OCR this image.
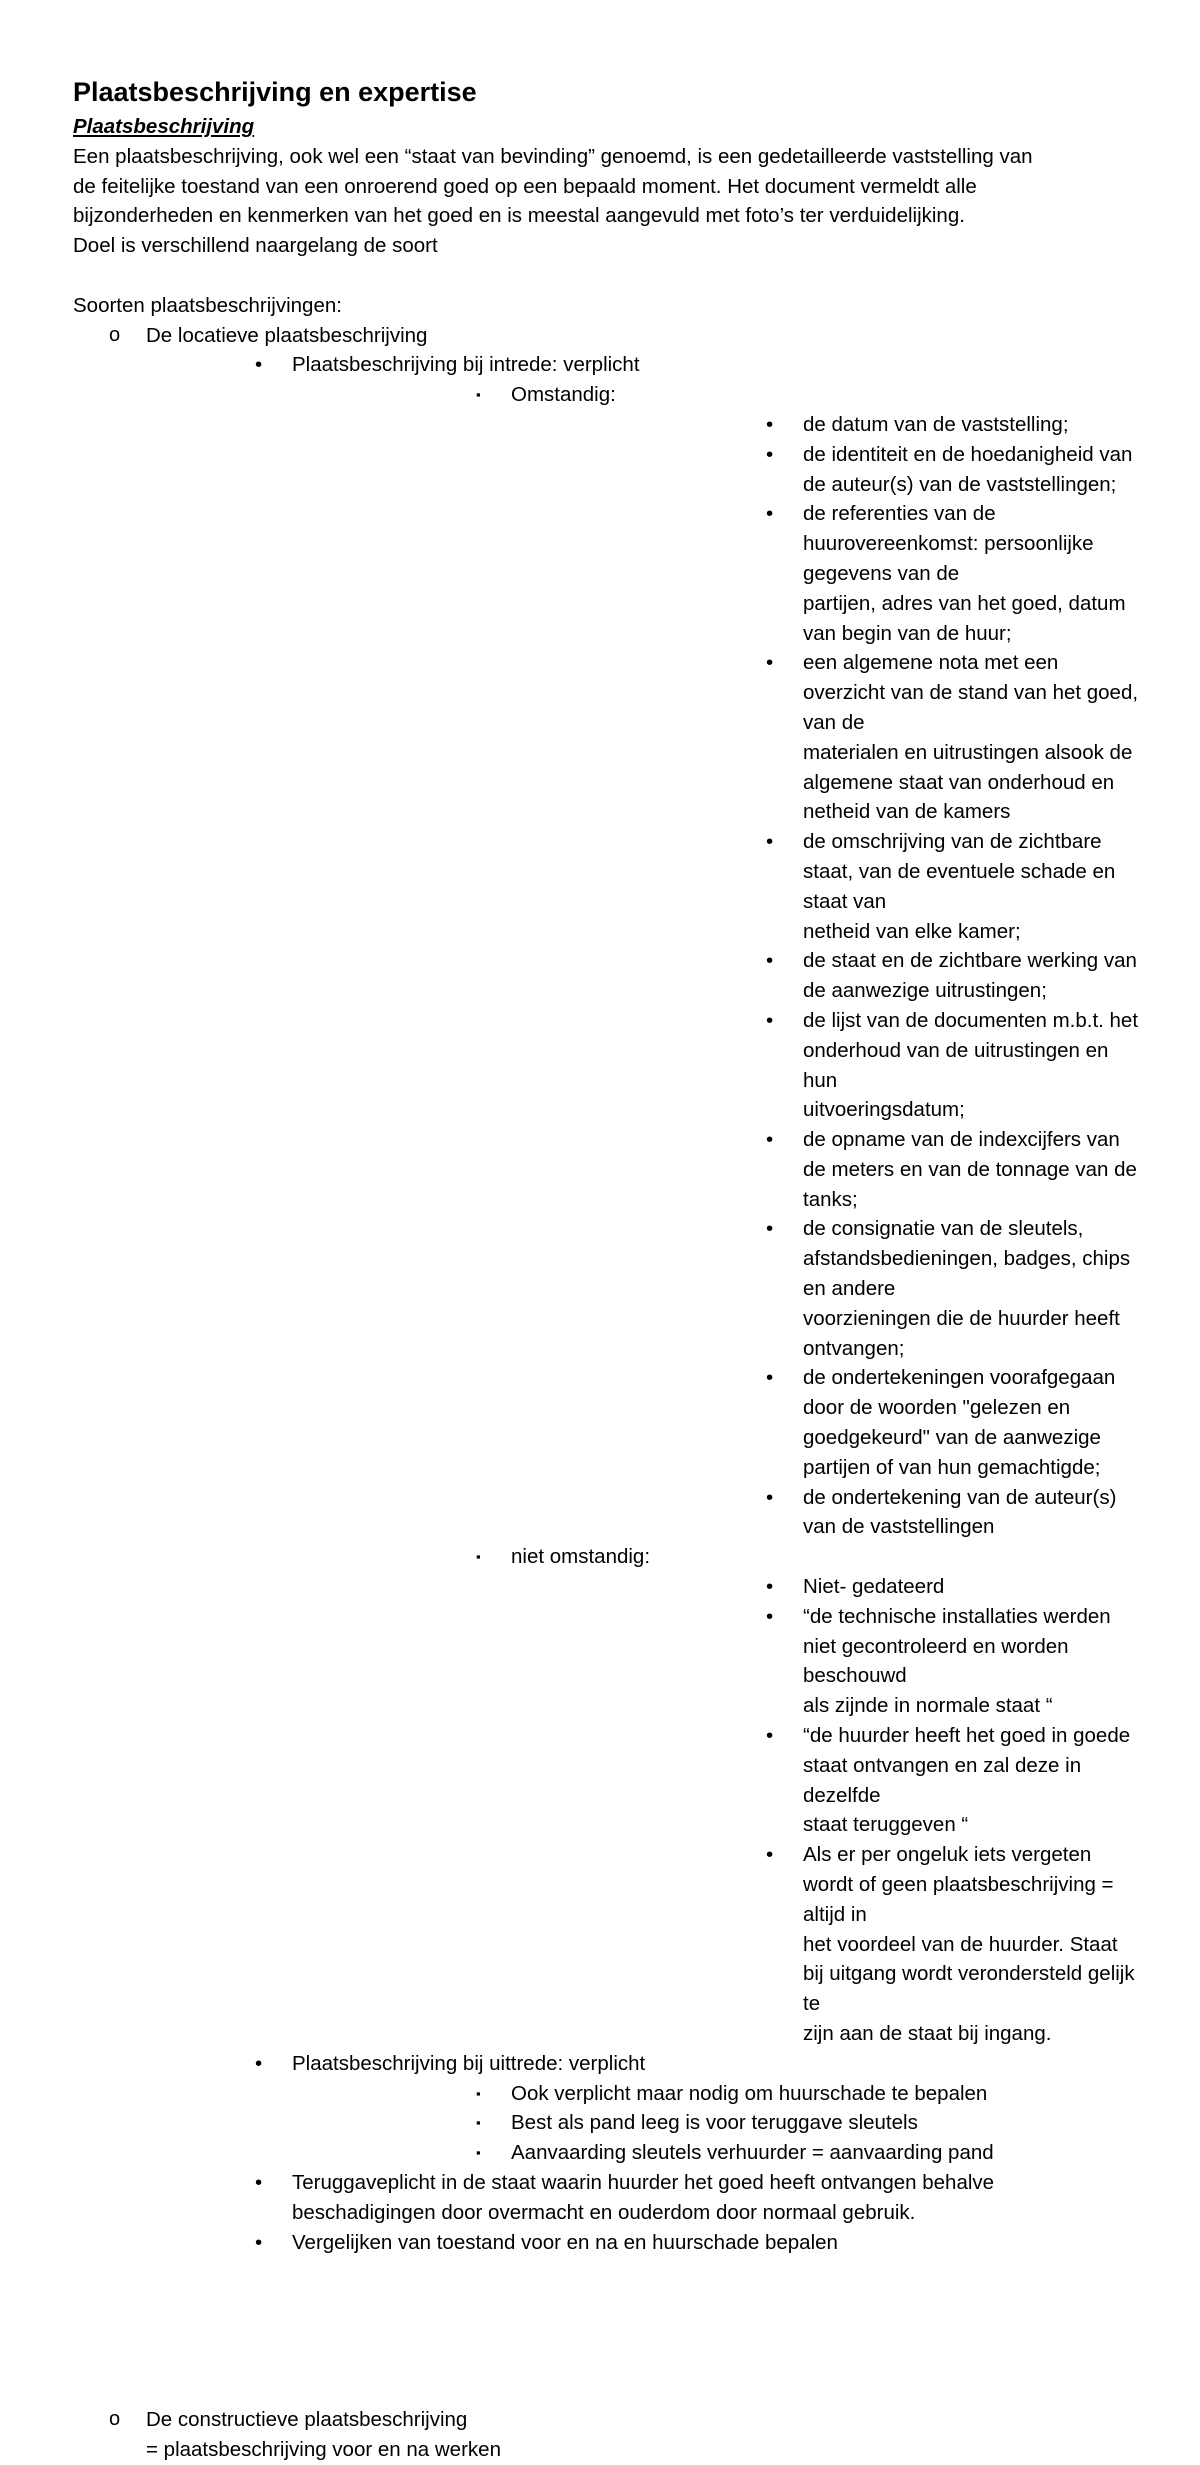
Plaatsbeschrijving en expertise

Plaatsbeschrijving

Een plaatsbeschrijving, ook wel een “staat van bevinding” genoemd, is een gedetailleerde vaststelling van

de feitelijke toestand van een onroerend goed op een bepaald moment. Het document vermeldt alle

bijzonderheden en kenmerken van het goed en is meestal aangevuld met foto’s ter verduidelijking.

Doel is verschillend naargelang de soort

Soorten plaatsbeschrijvingen:

o De locatieve plaatsbeschrijving
• Plaatsbeschrijving bij intrede: verplicht
▪ Omstandig:
• de datum van de vaststelling;

• de identiteit en de hoedanigheid van de auteur(s) van de vaststellingen;

• de referenties van de huurovereenkomst: persoonlijke gegevens van de

partijen, adres van het goed, datum van begin van de huur;

• een algemene nota met een overzicht van de stand van het goed, van de

materialen en uitrustingen alsook de algemene staat van onderhoud en

netheid van de kamers

• de omschrijving van de zichtbare staat, van de eventuele schade en staat van

netheid van elke kamer;

• de staat en de zichtbare werking van de aanwezige uitrustingen;

• de lijst van de documenten m.b.t. het onderhoud van de uitrustingen en hun

uitvoeringsdatum;

• de opname van de indexcijfers van de meters en van de tonnage van de tanks;

• de consignatie van de sleutels, afstandsbedieningen, badges, chips en andere

voorzieningen die de huurder heeft ontvangen;

• de ondertekeningen voorafgegaan door de woorden "gelezen en

goedgekeurd" van de aanwezige partijen of van hun gemachtigde;

• de ondertekening van de auteur(s) van de vaststellingen

▪ niet omstandig:
• Niet- gedateerd

• “de technische installaties werden niet gecontroleerd en worden beschouwd

als zijnde in normale staat “

• “de huurder heeft het goed in goede staat ontvangen en zal deze in dezelfde

staat teruggeven “

• Als er per ongeluk iets vergeten wordt of geen plaatsbeschrijving = altijd in

het voordeel van de huurder. Staat bij uitgang wordt verondersteld gelijk te

zijn aan de staat bij ingang.

• Plaatsbeschrijving bij uittrede: verplicht
▪ Ook verplicht maar nodig om huurschade te bepalen
▪ Best als pand leeg is voor teruggave sleutels
▪ Aanvaarding sleutels verhuurder = aanvaarding pand
• Teruggaveplicht in de staat waarin huurder het goed heeft ontvangen behalve

beschadigingen door overmacht en ouderdom door normaal gebruik.

• Vergelijken van toestand voor en na en huurschade bepalen

o De constructieve plaatsbeschrijving

= plaatsbeschrijving voor en na werken
